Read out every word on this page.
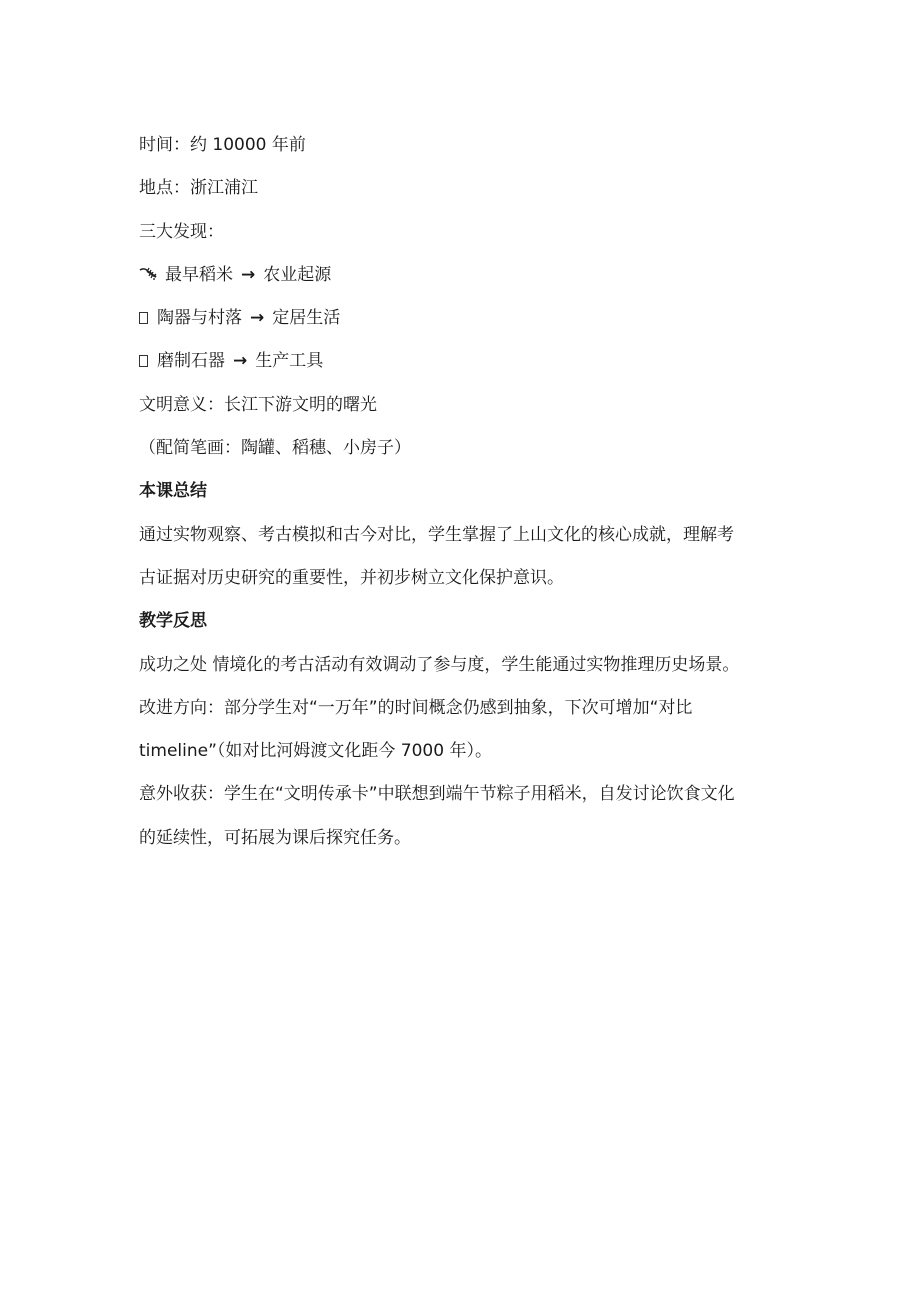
时间：约 10000 年前
地点：浙江浦江
三大发现：
最早稻米 → 农业起源
陶器与村落 → 定居生活
磨制石器 → 生产工具
文明意义：长江下游文明的曙光
（配简笔画：陶罐、稻穗、小房子）
本课总结
通过实物观察、考古模拟和古今对比，学生掌握了上山文化的核心成就，理解考
古证据对历史研究的重要性，并初步树立文化保护意识。
教学反思
成功之处 情境化的考古活动有效调动了参与度，学生能通过实物推理历史场景。
改进方向：部分学生对“一万年”的时间概念仍感到抽象，下次可增加“对比
timeline”（如对比河姆渡文化距今 7000 年）。
意外收获：学生在“文明传承卡”中联想到端午节粽子用稻米，自发讨论饮食文化
的延续性，可拓展为课后探究任务。
